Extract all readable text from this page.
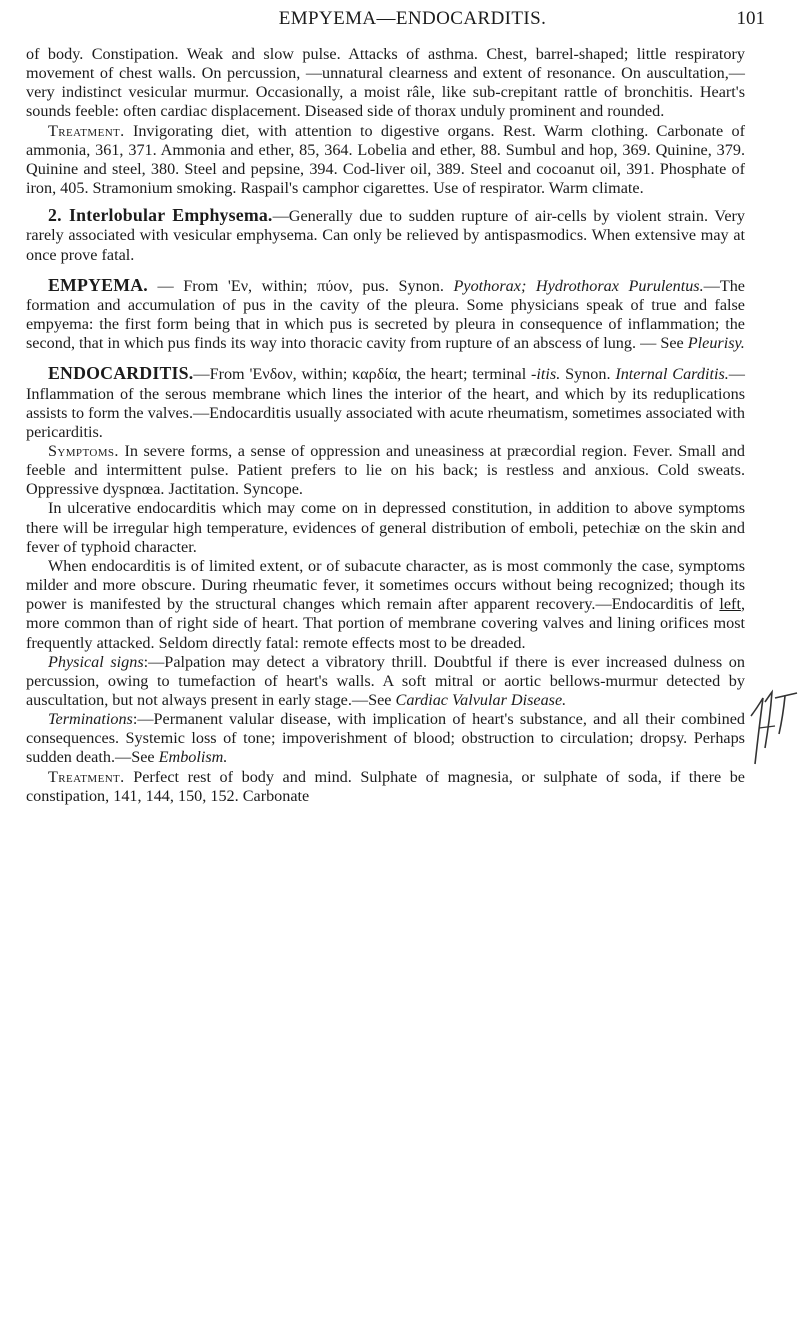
EMPYEMA—ENDOCARDITIS.	101

of body. Constipation. Weak and slow pulse. Attacks of asthma. Chest, barrel-shaped; little respiratory movement of chest walls. On percussion, —unnatural clearness and extent of resonance. On auscultation,—very indistinct vesicular murmur. Occasionally, a moist râle, like sub-crepitant rattle of bronchitis. Heart's sounds feeble: often cardiac displacement. Diseased side of thorax unduly prominent and rounded.

Treatment. Invigorating diet, with attention to digestive organs. Rest. Warm clothing. Carbonate of ammonia, 361, 371. Ammonia and ether, 85, 364. Lobelia and ether, 88. Sumbul and hop, 369. Quinine, 379. Quinine and steel, 380. Steel and pepsine, 394. Cod-liver oil, 389. Steel and cocoanut oil, 391. Phosphate of iron, 405. Stramonium smoking. Raspail's camphor cigarettes. Use of respirator. Warm climate.

2. Interlobular Emphysema.—Generally due to sudden rupture of air-cells by violent strain. Very rarely associated with vesicular emphysema. Can only be relieved by antispasmodics. When extensive may at once prove fatal.

EMPYEMA. — From 'Εν, within; πύον, pus. Synon. Pyothorax; Hydrothorax Purulentus.—The formation and accumulation of pus in the cavity of the pleura. Some physicians speak of true and false empyema: the first form being that in which pus is secreted by pleura in consequence of inflammation; the second, that in which pus finds its way into thoracic cavity from rupture of an abscess of lung. — See Pleurisy.

ENDOCARDITIS.—From 'Ενδον, within; καρδία, the heart; terminal -itis. Synon. Internal Carditis.—Inflammation of the serous membrane which lines the interior of the heart, and which by its reduplications assists to form the valves.—Endocarditis usually associated with acute rheumatism, sometimes associated with pericarditis.

Symptoms. In severe forms, a sense of oppression and uneasiness at præcordial region. Fever. Small and feeble and intermittent pulse. Patient prefers to lie on his back; is restless and anxious. Cold sweats. Oppressive dyspnœa. Jactitation. Syncope.

In ulcerative endocarditis which may come on in depressed constitution, in addition to above symptoms there will be irregular high temperature, evidences of general distribution of emboli, petechiæ on the skin and fever of typhoid character.

When endocarditis is of limited extent, or of subacute character, as is most commonly the case, symptoms milder and more obscure. During rheumatic fever, it sometimes occurs without being recognized; though its power is manifested by the structural changes which remain after apparent recovery.—Endocarditis of left, more common than of right side of heart. That portion of membrane covering valves and lining orifices most frequently attacked. Seldom directly fatal: remote effects most to be dreaded.

Physical signs:—Palpation may detect a vibratory thrill. Doubtful if there is ever increased dulness on percussion, owing to tumefaction of heart's walls. A soft mitral or aortic bellows-murmur detected by auscultation, but not always present in early stage.—See Cardiac Valvular Disease.

Terminations:—Permanent valular disease, with implication of heart's substance, and all their combined consequences. Systemic loss of tone; impoverishment of blood; obstruction to circulation; dropsy. Perhaps sudden death.—See Embolism.

Treatment. Perfect rest of body and mind. Sulphate of magnesia, or sulphate of soda, if there be constipation, 141, 144, 150, 152. Carbonate
